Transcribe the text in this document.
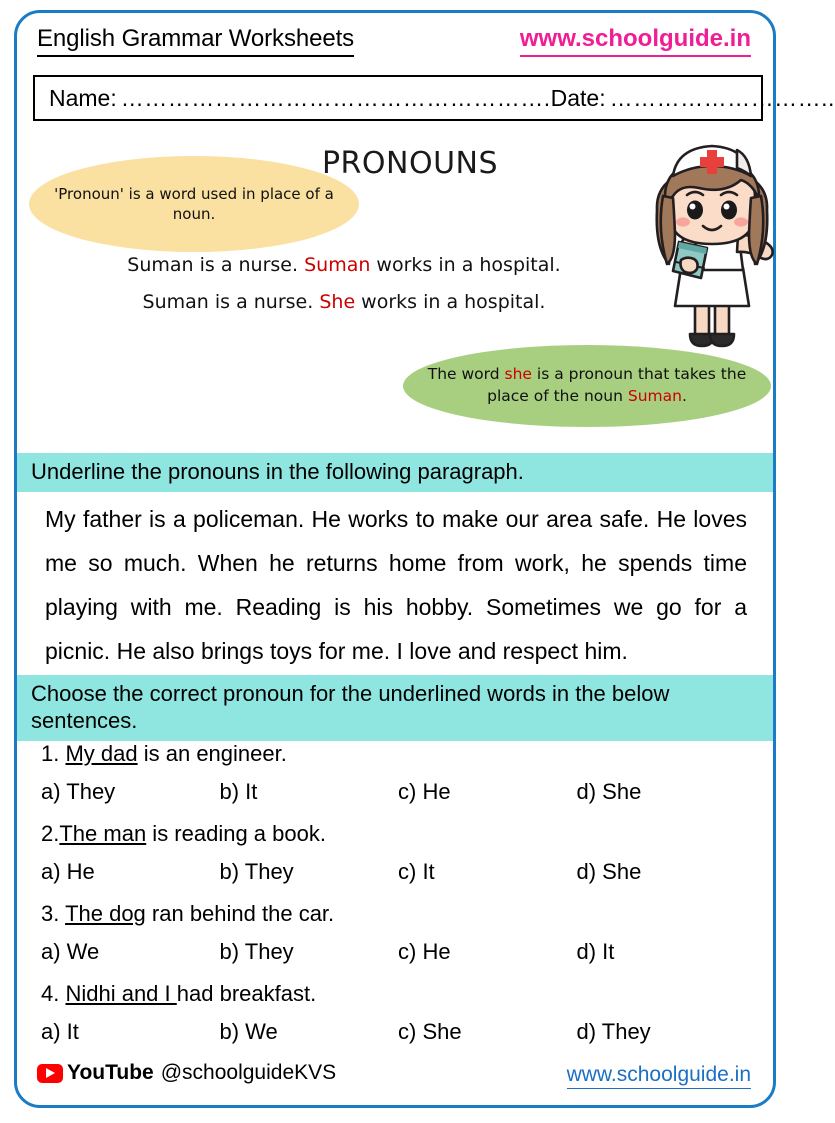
English Grammar Worksheets	www.schoolguide.in
Name: ………………………………………………. Date: ………………………..
PRONOUNS
'Pronoun' is a word used in place of a noun.
Suman is a nurse. Suman works in a hospital.
Suman is a nurse. She works in a hospital.
The word she is a pronoun that takes the place of the noun Suman.
Underline the pronouns in the following paragraph.
My father is a policeman. He works to make our area safe. He loves me so much. When he returns home from work, he spends time playing with me. Reading is his hobby. Sometimes we go for a picnic. He also brings toys for me. I love and respect him.
Choose the correct pronoun for the underlined words in the below sentences.
1. My dad is an engineer.
a) They	b) It	c) He	d) She
2.The man is reading a book.
a) He	b) They	c) It	d) She
3. The dog ran behind the car.
a) We	b) They	c) He	d) It
4. Nidhi and I had breakfast.
a) It	b) We	c) She	d) They
YouTube @schoolguideKVS	www.schoolguide.in
